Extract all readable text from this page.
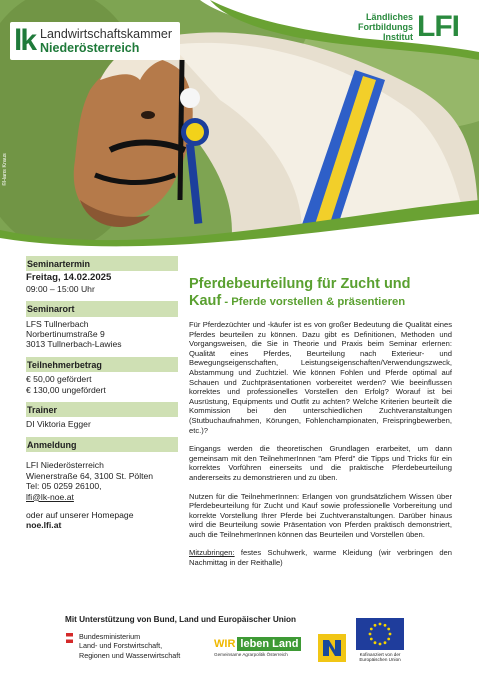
lk Landwirtschaftskammer
Niederösterreich
Ländliches
Fortbildungs
Institut LFI
©Hans Kraus
Seminartermin
Freitag, 14.02.2025
09:00 – 15:00 Uhr
Seminarort
LFS Tullnerbach
Norbertinumstraße 9
3013 Tullnerbach-Lawies
Teilnehmerbetrag
€ 50,00 gefördert
€ 130,00 ungefördert
Trainer
DI Viktoria Egger
Anmeldung
LFI Niederösterreich
Wienerstraße 64, 3100 St. Pölten
Tel: 05 0259 26100,
lfi@lk-noe.at
oder auf unserer Homepage
noe.lfi.at
Pferdebeurteilung für Zucht und
Kauf - Pferde vorstellen & präsentieren

Für Pferdezüchter und -käufer ist es von großer Bedeutung die Qualität eines Pferdes beurteilen zu können. Dazu gibt es Definitionen, Methoden und Vorgangsweisen, die Sie in Theorie und Praxis beim Seminar erlernen: Qualität eines Pferdes, Beurteilung nach Exterieur- und Bewegungseigenschaften, Leistungseigenschaften/Verwendungszweck, Abstammung und Zuchtziel. Wie können Fohlen und Pferde optimal auf Schauen und Zuchtpräsentationen vorbereitet werden? Wie beeinflussen korrektes und professionelles Vorstellen den Erfolg? Worauf ist bei Ausrüstung, Equipments und Outfit zu achten? Welche Kriterien beurteilt die Kommission bei den unterschiedlichen Zuchtveranstaltungen (Stutbuchaufnahmen, Körungen, Fohlenchampionaten, Freispringbewerben, etc.)?

Eingangs werden die theoretischen Grundlagen erarbeitet, um dann gemeinsam mit den TeilnehmerInnen "am Pferd" die Tipps und Tricks für ein korrektes Vorführen einerseits und die praktische Pferdebeurteilung andererseits zu demonstrieren und zu üben.

Nutzen für die TeilnehmerInnen: Erlangen von grundsätzlichem Wissen über Pferdebeurteilung für Zucht und Kauf sowie professionelle Vorbereitung und korrekte Vorstellung Ihrer Pferde bei Zuchtveranstaltungen. Darüber hinaus wird die Beurteilung sowie Präsentation von Pferden praktisch demonstriert, auch die TeilnehmerInnen können das Beurteilen und Vorstellen üben.

Mitzubringen: festes Schuhwerk, warme Kleidung (wir verbringen den Nachmittag in der Reithalle)

Mit Unterstützung von Bund, Land und Europäischer Union
Bundesministerium
Land- und Forstwirtschaft,
Regionen und Wasserwirtschaft
WIR leben Land
Gemeinsame Agrarpolitik Österreich	Kofinanziert von der
Europäischen Union
